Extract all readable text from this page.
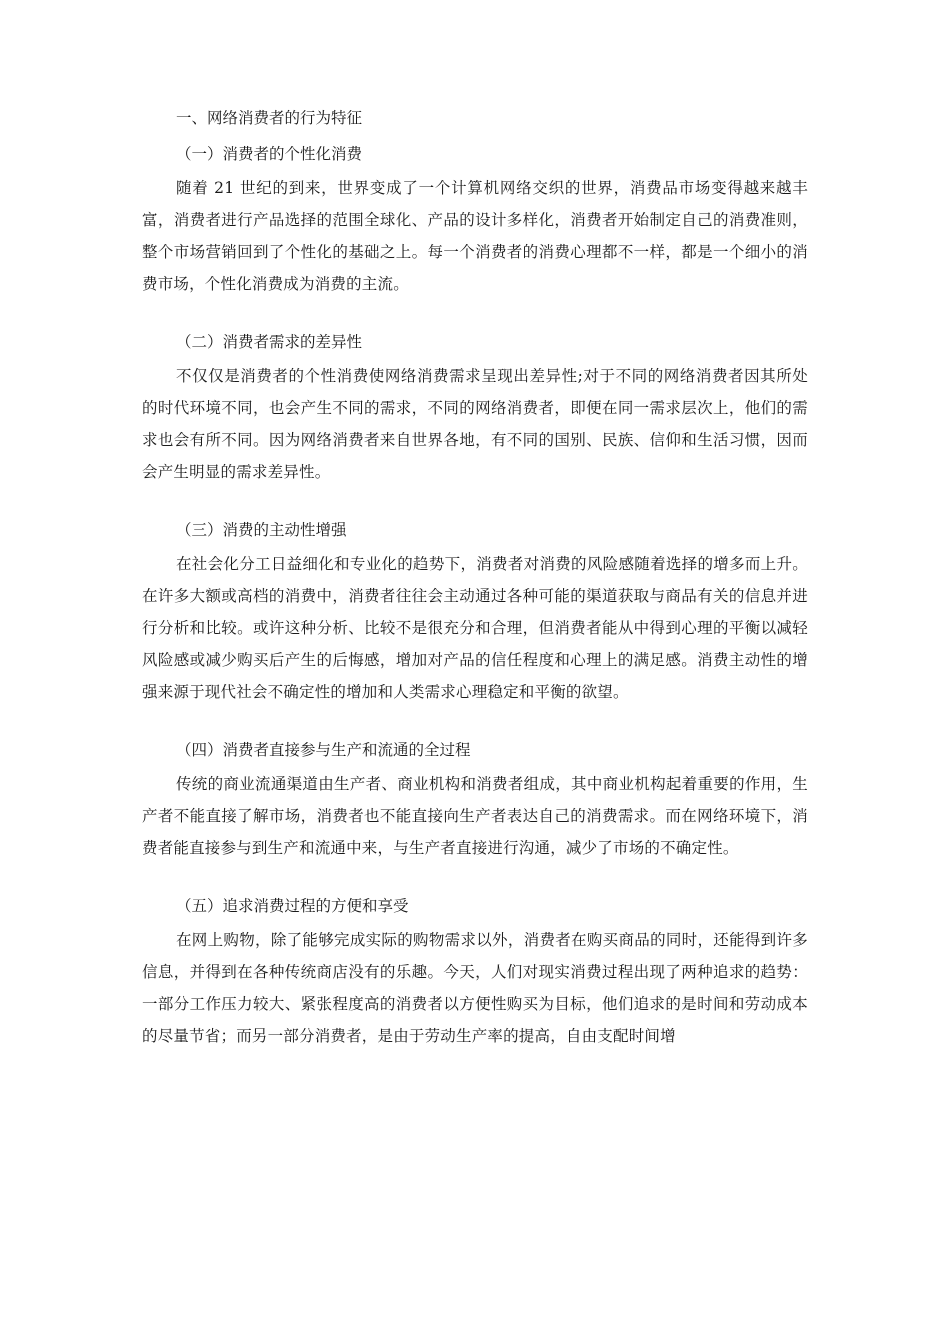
一、网络消费者的行为特征

（一）消费者的个性化消费

随着 21 世纪的到来，世界变成了一个计算机网络交织的世界，消费品市场变得越来越丰富，消费者进行产品选择的范围全球化、产品的设计多样化，消费者开始制定自己的消费准则，整个市场营销回到了个性化的基础之上。每一个消费者的消费心理都不一样，都是一个细小的消费市场，个性化消费成为消费的主流。

（二）消费者需求的差异性

不仅仅是消费者的个性消费使网络消费需求呈现出差异性;对于不同的网络消费者因其所处的时代环境不同，也会产生不同的需求，不同的网络消费者，即便在同一需求层次上，他们的需求也会有所不同。因为网络消费者来自世界各地，有不同的国别、民族、信仰和生活习惯，因而会产生明显的需求差异性。

（三）消费的主动性增强

在社会化分工日益细化和专业化的趋势下，消费者对消费的风险感随着选择的增多而上升。在许多大额或高档的消费中，消费者往往会主动通过各种可能的渠道获取与商品有关的信息并进行分析和比较。或许这种分析、比较不是很充分和合理，但消费者能从中得到心理的平衡以减轻风险感或减少购买后产生的后悔感，增加对产品的信任程度和心理上的满足感。消费主动性的增强来源于现代社会不确定性的增加和人类需求心理稳定和平衡的欲望。

（四）消费者直接参与生产和流通的全过程

传统的商业流通渠道由生产者、商业机构和消费者组成，其中商业机构起着重要的作用，生产者不能直接了解市场，消费者也不能直接向生产者表达自己的消费需求。而在网络环境下，消费者能直接参与到生产和流通中来，与生产者直接进行沟通，减少了市场的不确定性。

（五）追求消费过程的方便和享受

在网上购物，除了能够完成实际的购物需求以外，消费者在购买商品的同时，还能得到许多信息，并得到在各种传统商店没有的乐趣。今天，人们对现实消费过程出现了两种追求的趋势：一部分工作压力较大、紧张程度高的消费者以方便性购买为目标，他们追求的是时间和劳动成本的尽量节省；而另一部分消费者，是由于劳动生产率的提高，自由支配时间增
